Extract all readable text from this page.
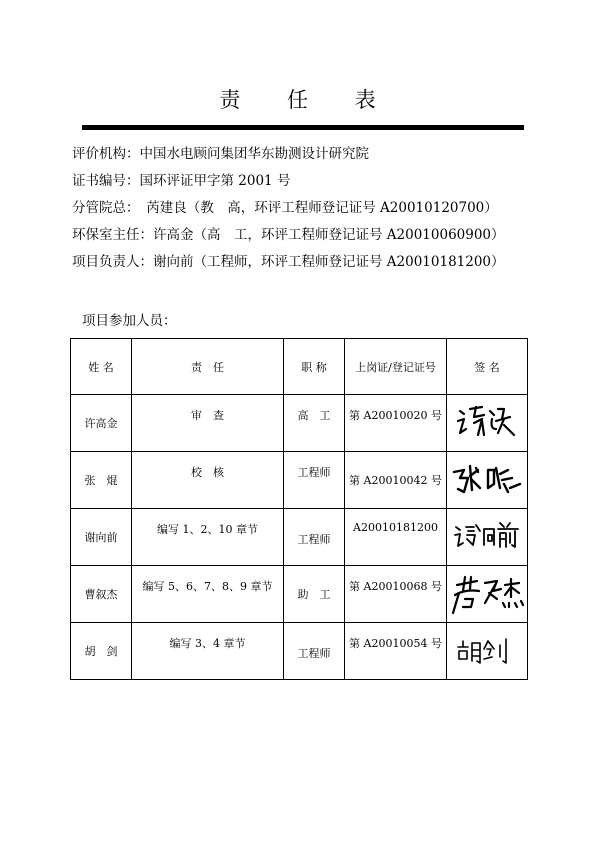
责 任 表
评价机构：中国水电顾问集团华东勘测设计研究院
证书编号：国环评证甲字第 2001 号
分管院总：　芮建良（教　高，环评工程师登记证号 A20010120700）
环保室主任：许高金（高　工，环评工程师登记证号 A20010060900）
项目负责人：谢向前（工程师，环评工程师登记证号 A20010181200）
项目参加人员：
姓 名	责　任	职 称	上岗证/登记证号	签 名

许高金	审　查	高　工	第 A20010020 号

张　焜	校　核	工程师	第 A20010042 号

谢向前	编写 1、2、10 章节	工程师	A20010181200

曹叙杰	编写 5、6、7、8、9 章节	助　工	第 A20010068 号

胡　剑	编写 3、4 章节	工程师	第 A20010054 号
